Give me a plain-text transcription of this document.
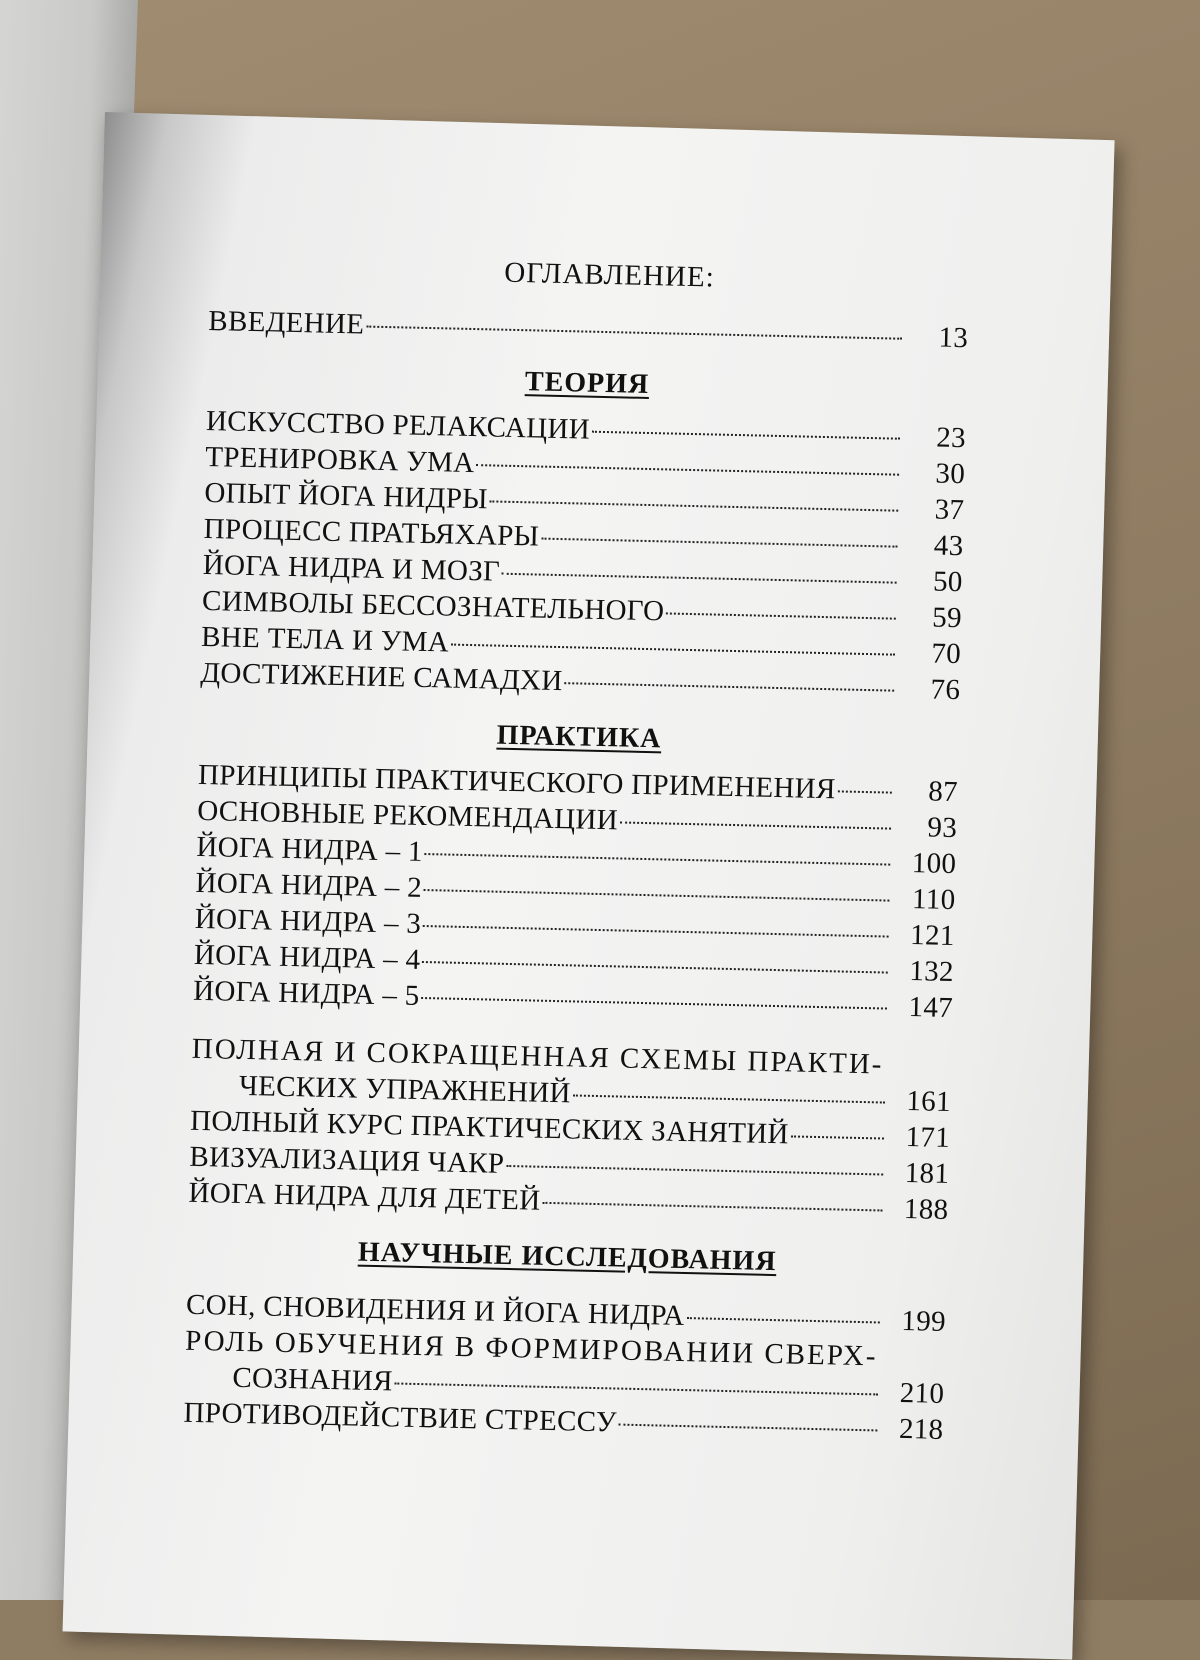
ОГЛАВЛЕНИЕ:
ВВЕДЕНИЕ	13
ТЕОРИЯ
ИСКУССТВО РЕЛАКСАЦИИ	23
ТРЕНИРОВКА УМА	30
ОПЫТ ЙОГА НИДРЫ	37
ПРОЦЕСС ПРАТЬЯХАРЫ	43
ЙОГА НИДРА И МОЗГ	50
СИМВОЛЫ БЕССОЗНАТЕЛЬНОГО	59
ВНЕ ТЕЛА И УМА	70
ДОСТИЖЕНИЕ САМАДХИ	76
ПРАКТИКА
ПРИНЦИПЫ ПРАКТИЧЕСКОГО ПРИМЕНЕНИЯ	87
ОСНОВНЫЕ РЕКОМЕНДАЦИИ	93
ЙОГА НИДРА – 1	100
ЙОГА НИДРА – 2	110
ЙОГА НИДРА – 3	121
ЙОГА НИДРА – 4	132
ЙОГА НИДРА – 5	147
ПОЛНАЯ И СОКРАЩЕННАЯ СХЕМЫ ПРАКТИ-
ЧЕСКИХ УПРАЖНЕНИЙ	161
ПОЛНЫЙ КУРС ПРАКТИЧЕСКИХ ЗАНЯТИЙ	171
ВИЗУАЛИЗАЦИЯ ЧАКР	181
ЙОГА НИДРА ДЛЯ ДЕТЕЙ	188
НАУЧНЫЕ ИССЛЕДОВАНИЯ
СОН, СНОВИДЕНИЯ И ЙОГА НИДРА	199
РОЛЬ ОБУЧЕНИЯ В ФОРМИРОВАНИИ СВЕРХ-
СОЗНАНИЯ	210
ПРОТИВОДЕЙСТВИЕ СТРЕССУ	218
